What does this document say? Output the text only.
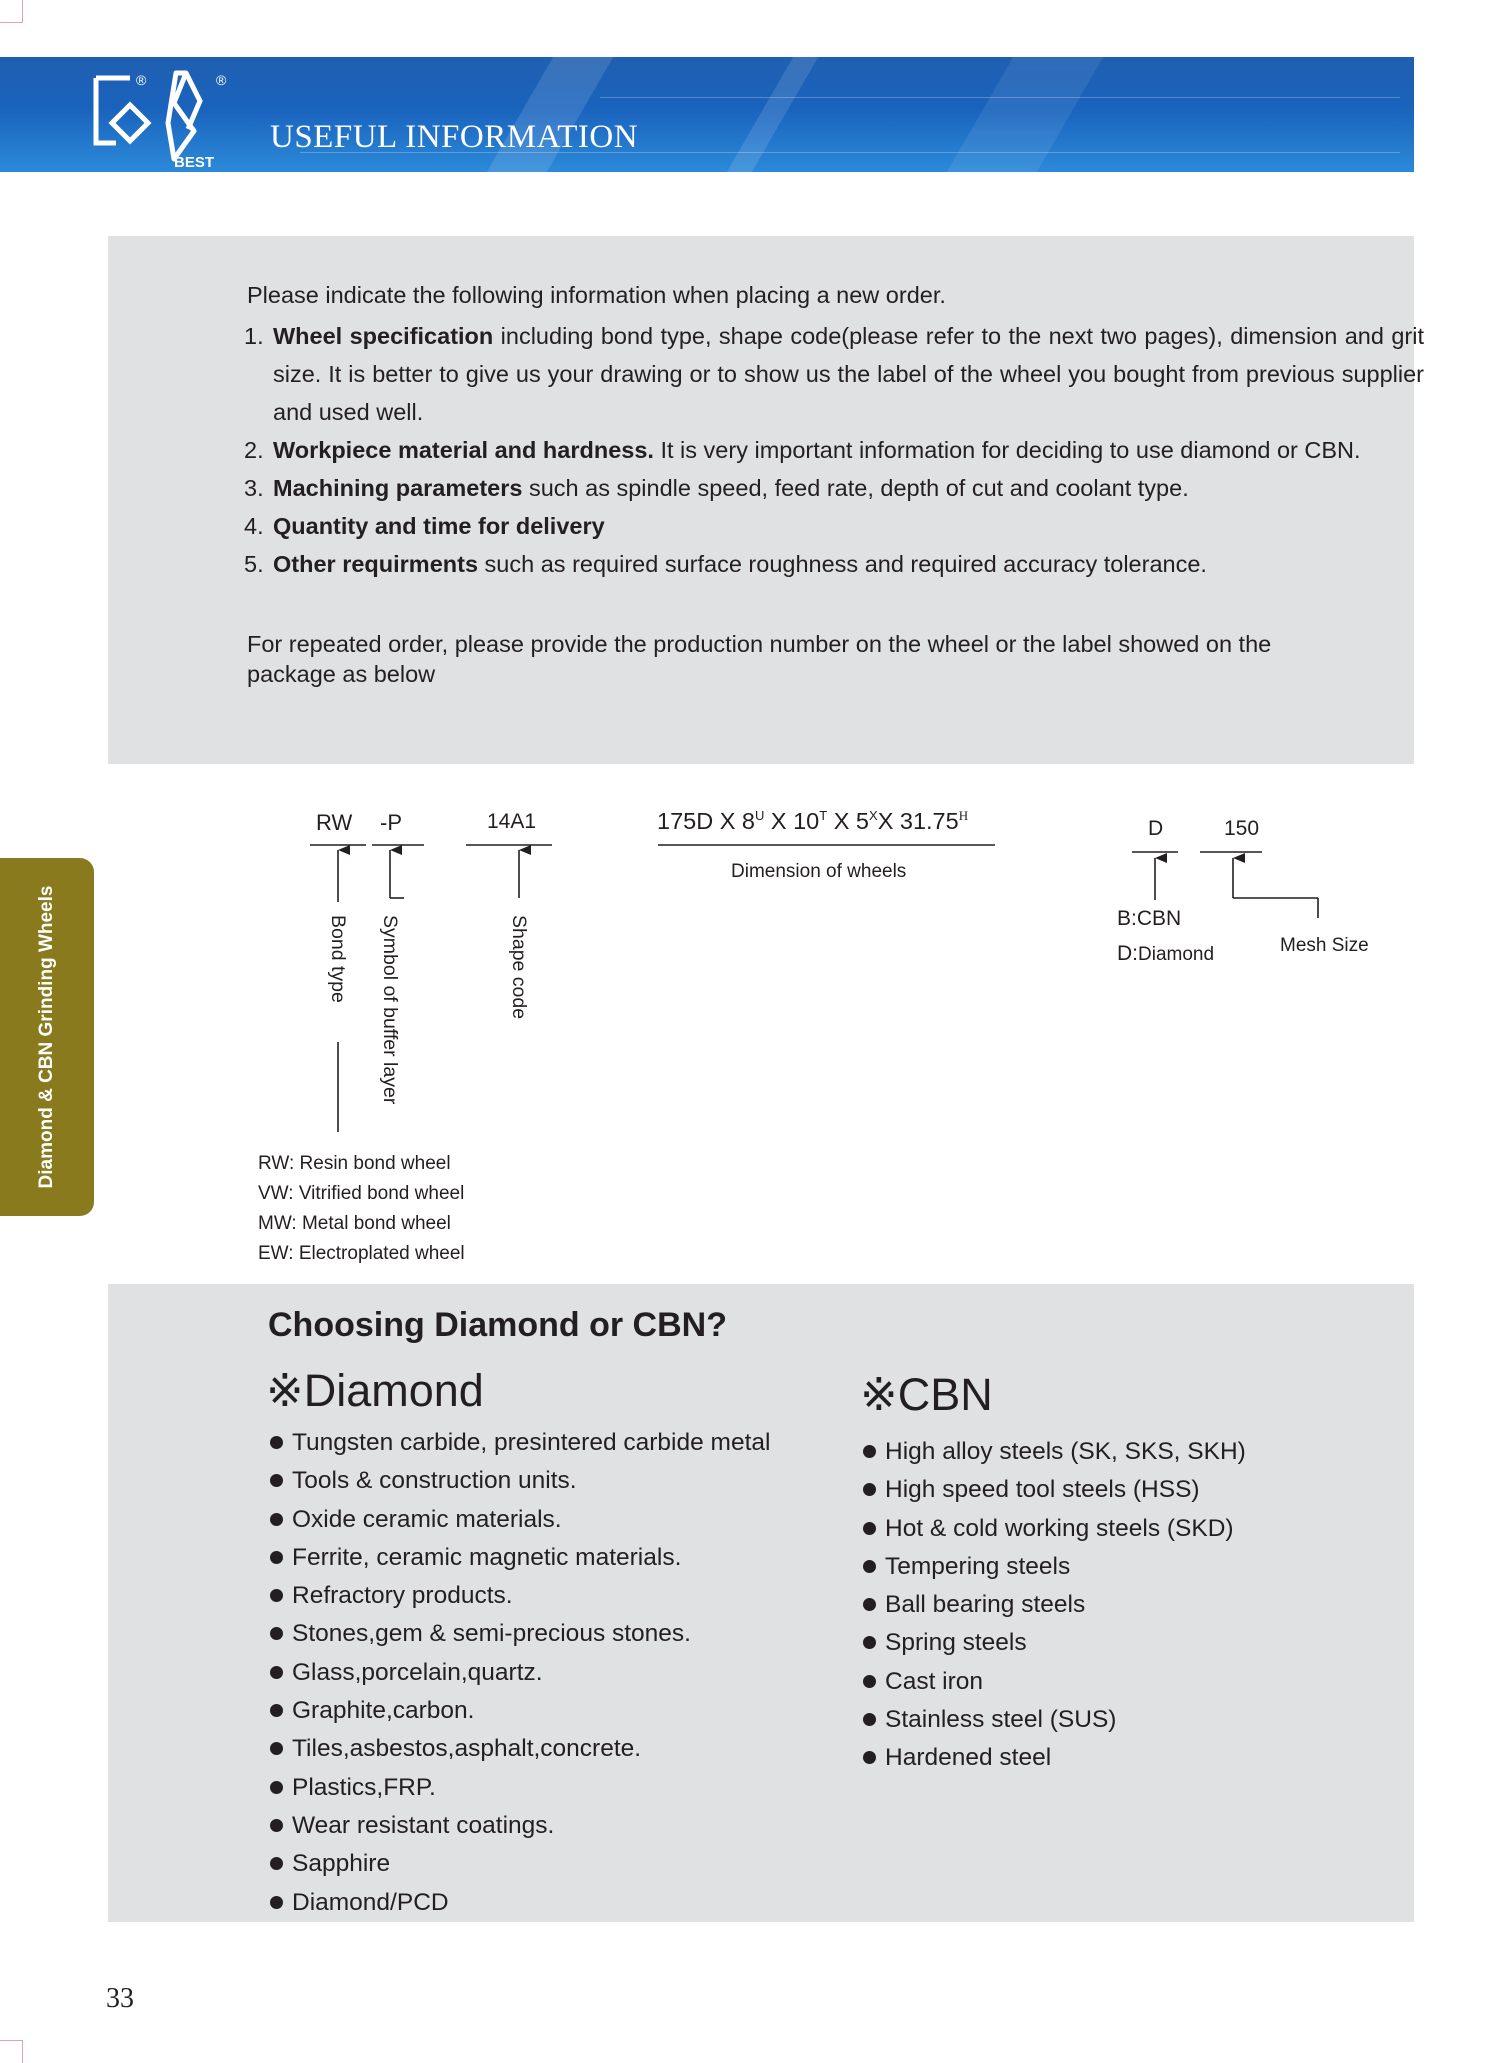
®	®
BEST
USEFUL INFORMATION
Diamond & CBN Grinding Wheels
Please indicate the following information when placing a new order.
1. Wheel specification including bond type, shape code(please refer to the next two pages), dimension and grit size. It is better to give us your drawing or to show us the label of the wheel you bought from previous supplier and used well.
2. Workpiece material and hardness. It is very important information for deciding to use diamond or CBN.
3. Machining parameters such as spindle speed, feed rate, depth of cut and coolant type.
4. Quantity and time for delivery
5. Other requirments such as required surface roughness and required accuracy tolerance.
For repeated order, please provide the production number on the wheel or the label showed on the package as below
RW -P	14A1	175D X $8^U$ X $10^T$ X $5^XX$ $31.75^H$
Dimension of wheels
D	150
B:CBN
D:Diamond	Mesh Size
Bond type Symbol of buffer layer	Shape code
RW: Resin bond wheel
VW: Vitrified bond wheel
MW: Metal bond wheel
EW: Electroplated wheel
Choosing Diamond or CBN?
※Diamond
Tungsten carbide, presintered carbide metal
Tools & construction units.
Oxide ceramic materials.
Ferrite, ceramic magnetic materials.
Refractory products.
Stones,gem & semi-precious stones.
Glass,porcelain,quartz.
Graphite,carbon.
Tiles,asbestos,asphalt,concrete.
Plastics,FRP.
Wear resistant coatings.
Sapphire
Diamond/PCD
※CBN
High alloy steels (SK, SKS, SKH)
High speed tool steels (HSS)
Hot & cold working steels (SKD)
Tempering steels
Ball bearing steels
Spring steels
Cast iron
Stainless steel (SUS)
Hardened steel
33
